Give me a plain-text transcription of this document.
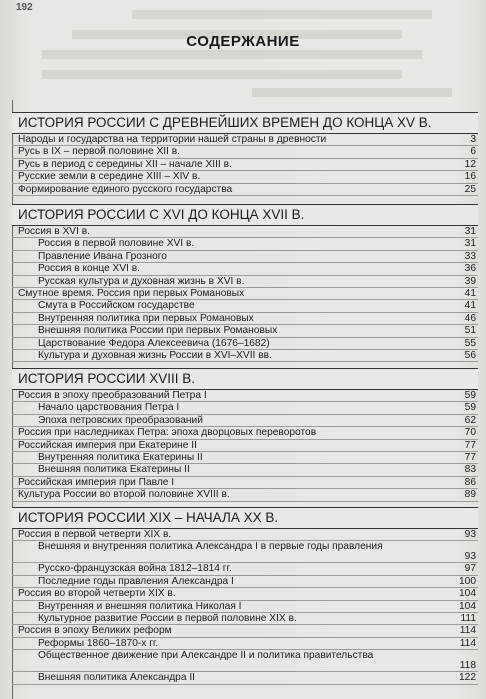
192
СОДЕРЖАНИЕ
ИСТОРИЯ РОССИИ С ДРЕВНЕЙШИХ ВРЕМЕН ДО КОНЦА XV В.
Народы и государства на территории нашей страны в древности	3
Русь в IX – первой половине XII в.	6
Русь в период с середины XII – начале XIII в.	12
Русские земли в середине XIII – XIV в.	16
Формирование единого русского государства	25
ИСТОРИЯ РОССИИ С XVI ДО КОНЦА XVII В.
Россия в XVI в.	31
Россия в первой половине XVI в.	31
Правление Ивана Грозного	33
Россия в конце XVI в.	36
Русская культура и духовная жизнь в XVI в.	39
Смутное время. Россия при первых Романовых	41
Смута в Российском государстве	41
Внутренняя политика при первых Романовых	46
Внешняя политика России при первых Романовых	51
Царствование Федора Алексеевича (1676–1682)	55
Культура и духовная жизнь России в XVI–XVII вв.	56
ИСТОРИЯ РОССИИ XVIII В.
Россия в эпоху преобразований Петра I	59
Начало царствования Петра I	59
Эпоха петровских преобразований	62
Россия при наследниках Петра: эпоха дворцовых переворотов	70
Российская империя при Екатерине II	77
Внутренняя политика Екатерины II	77
Внешняя политика Екатерины II	83
Российская империя при Павле I	86
Культура России во второй половине XVIII в.	89
ИСТОРИЯ РОССИИ XIX – НАЧАЛА XX В.
Россия в первой четверти XIX в.	93
Внешняя и внутренняя политика Александра I в первые годы правления
93
Русско-французская война 1812–1814 гг.	97
Последние годы правления Александра I	100
Россия во второй четверти XIX в.	104
Внутренняя и внешняя политика Николая I	104
Культурное развитие России в первой половине XIX в.	111
Россия в эпоху Великих реформ	114
Реформы 1860–1870-х гг.	114
Общественное движение при Александре II и политика правительства
118
Внешняя политика Александра II	122
